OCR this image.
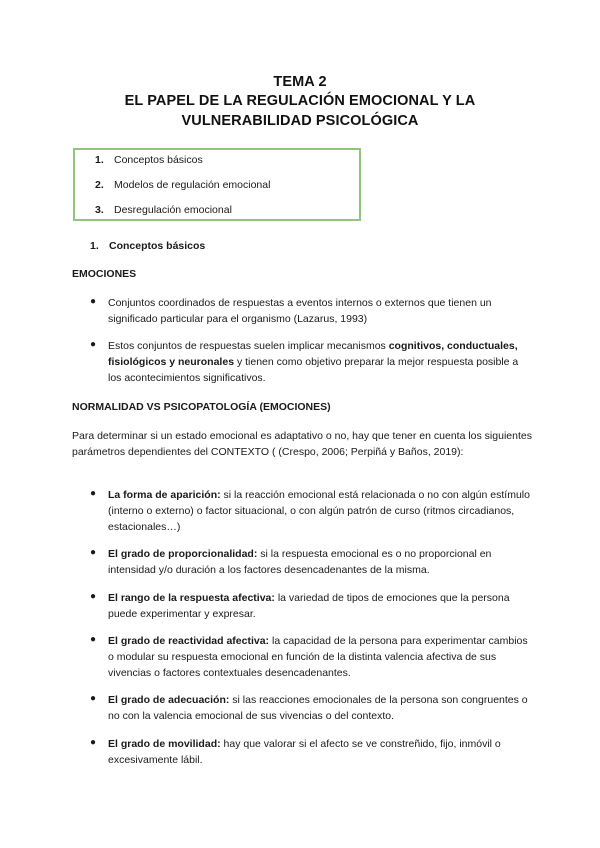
TEMA 2
EL PAPEL DE LA REGULACIÓN EMOCIONAL Y LA
VULNERABILIDAD PSICOLÓGICA
1. Conceptos básicos
2. Modelos de regulación emocional
3. Desregulación emocional
1. Conceptos básicos
EMOCIONES
● Conjuntos coordinados de respuestas a eventos internos o externos que tienen un significado particular para el organismo (Lazarus, 1993)
● Estos conjuntos de respuestas suelen implicar mecanismos cognitivos, conductuales, fisiológicos y neuronales y tienen como objetivo preparar la mejor respuesta posible a los acontecimientos significativos.
NORMALIDAD VS PSICOPATOLOGÍA (EMOCIONES)
Para determinar si un estado emocional es adaptativo o no, hay que tener en cuenta los siguientes parámetros dependientes del CONTEXTO ( (Crespo, 2006; Perpiñá y Baños, 2019):
● La forma de aparición: si la reacción emocional está relacionada o no con algún estímulo (interno o externo) o factor situacional, o con algún patrón de curso (ritmos circadianos, estacionales…)
● El grado de proporcionalidad: si la respuesta emocional es o no proporcional en intensidad y/o duración a los factores desencadenantes de la misma.
● El rango de la respuesta afectiva: la variedad de tipos de emociones que la persona puede experimentar y expresar.
● El grado de reactividad afectiva: la capacidad de la persona para experimentar cambios o modular su respuesta emocional en función de la distinta valencia afectiva de sus vivencias o factores contextuales desencadenantes.
● El grado de adecuación: si las reacciones emocionales de la persona son congruentes o no con la valencia emocional de sus vivencias o del contexto.
● El grado de movilidad: hay que valorar si el afecto se ve constreñido, fijo, inmóvil o excesivamente lábil.
